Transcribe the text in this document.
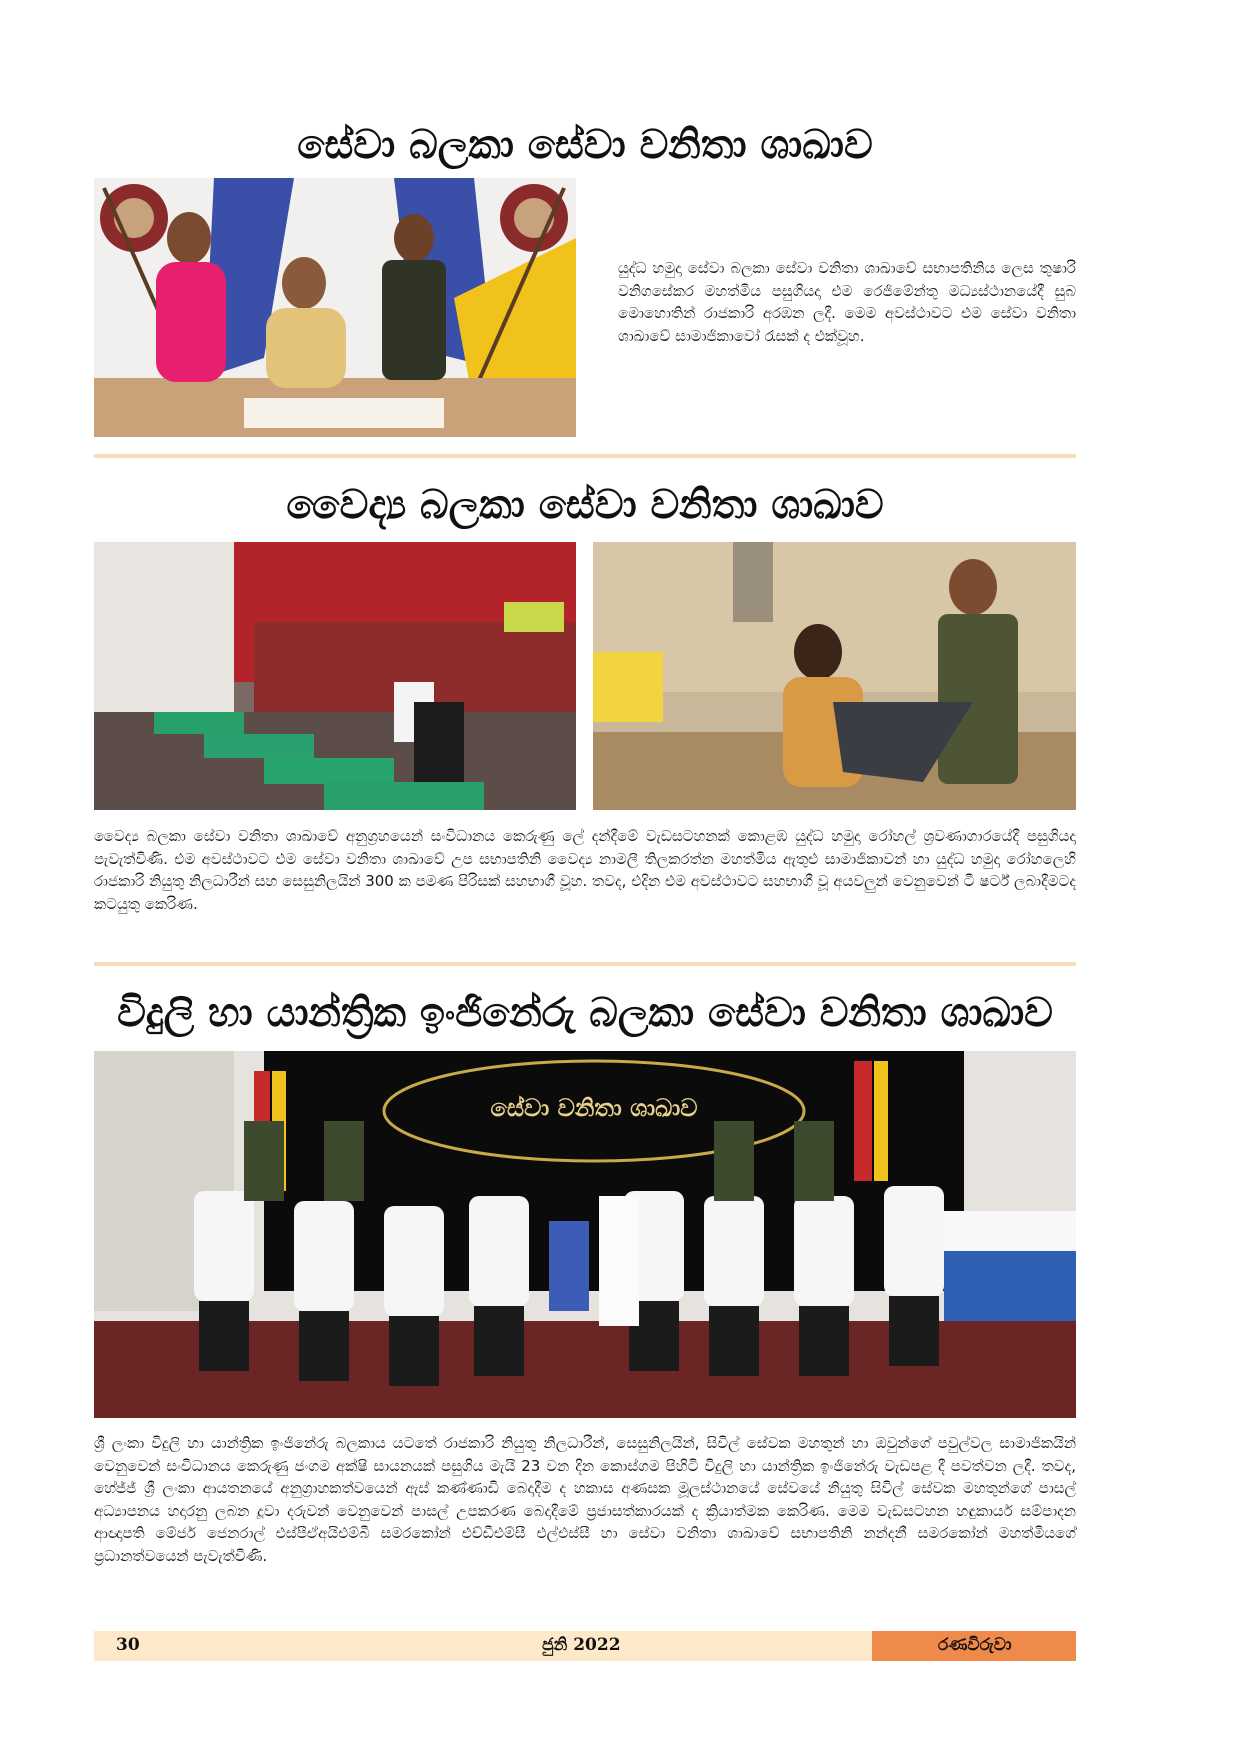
සේවා බලකා සේවා වනිතා ශාඛාව

යුද්ධ හමුදා සේවා බලකා සේවා වනිතා ශාඛාවේ සභාපතිනිය ලෙස තුෂාරි වනිගසේකර මහත්මිය පසුගියදා එම රෙජිමේන්තු මධ්‍යස්ථානයේදී සුබ මොහොතින් රාජකාරි අරඹන ලදී. මෙම අවස්ථාවට එම සේවා වනිතා ශාඛාවේ සාමාජිකාවෝ රැසක් ද එක්වූහ.

වෛද්‍ය බලකා සේවා වනිතා ශාඛාව

වෛද්‍ය බලකා සේවා වනිතා ශාඛාවේ අනුග්‍රහයෙන් සංවිධානය කෙරුණු ලේ දන්දීමේ වැඩසටහනක් කොළඹ යුද්ධ හමුදා රෝහල් ශ්‍රවණාගාරයේදී පසුගියදා පැවැත්විණි. එම අවස්ථාවට එම සේවා වනිතා ශාඛාවේ උප සභාපතිනි වෛද්‍ය නාමලී තිලකරත්න මහත්මිය ඇතුළු සාමාජිකාවන් හා යුද්ධ හමුදා රෝහලෙහි රාජකාරි නියුතු නිලධාරීන් සහ සෙසුනිලයින් 300 ක පමණ පිරිසක් සහභාගී වූහ. තවද, එදින එම අවස්ථාවට සහභාගී වූ අයවලුන් වෙනුවෙන් ටී ෂර්ට් ලබාදීමටද කටයුතු කෙරිණ.

විදුලි හා යාන්ත්‍රික ඉංජිනේරු බලකා සේවා වනිතා ශාඛාව
සේවා වනිතා ශාඛාව

ශ්‍රී ලංකා විදුලි හා යාන්ත්‍රික ඉංජිනේරු බලකාය යටතේ රාජකාරි නියුතු නිලධාරීන්, සෙසුනිලයින්, සිවිල් සේවක මහතුන් හා ඔවුන්ගේ පවුල්වල සාමාජිකයින් වෙනුවෙන් සංවිධානය කෙරුණු ජංගම අක්ෂි සායනයක් පසුගිය මැයි 23 වන දින කොස්ගම පිහිටි විදුලි හා යාන්ත්‍රික ඉංජිනේරු වැඩපළ දී පවත්වන ලදී. තවද, හේජ්ජ් ශ්‍රී ලංකා ආයතනයේ අනුග්‍රාහකත්වයෙන් ඇස් කණ්ණාඩි බෙදාදීම ද හකාස අණසක මූලස්ථානයේ සේවයේ නියුතු සිවිල් සේවක මහතුන්ගේ පාසල් අධ්‍යාපනය හදාරනු ලබන දූවා දරුවන් වෙනුවෙන් පාසල් උපකරණ බෙදාදීමේ ප්‍රජාසත්කාරයක් ද ක්‍රියාත්මක කෙරිණ. මෙම වැඩසටහන හඳුකාර්ය සම්පාදන ආඥාපති මේජර් ජෙනරාල් එස්පීඒඅයිඑම්බී සමරකෝන් එච්ඩීඑම්සී එල්එස්සී හා සේවා වනිතා ශාඛාවේ සභාපතිනි නන්දනී සමරකෝන් මහත්මියගේ ප්‍රධානත්වයෙන් පැවැත්විණි.

30	ජුනි 2022	රණවිරුවා
